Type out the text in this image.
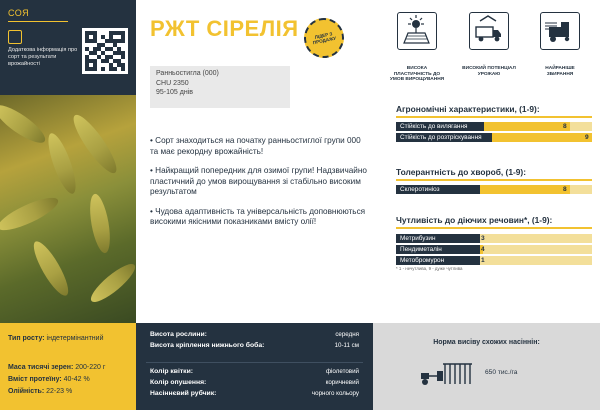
СОЯ
Додаткова інформація про сорт та результати врожайності
Тип росту: індетермінантний
Маса тисячі зерен: 200-220 г
Вміст протеїну: 40-42 %
Олійність: 22-23 %
РЖТ СІРЕЛІЯ	ЛІДЕР З ПРОДАЖУ
Ранньостигла (000)
CHU 2350
95-105 днів

• Сорт знаходиться на початку ранньостиглої групи 000 та має рекордну врожайність!

• Найкращий попередник для озимої групи! Надзвичайно пластичний до умов вирощування зі стабільно високим результатом

• Чудова адаптивність та універсальність доповнюються високими якісними показниками вмісту олії!

ВИСОКА ПЛАСТИЧНІСТЬ ДО УМОВ ВИРОЩУВАННЯ
ВИСОКИЙ ПОТЕНЦІАЛ УРОЖАЮ
НАЙРАНІШЕ ЗБИРАННЯ
Агрономічні характеристики, (1-9):
Стійкість до вилягання	8
Стійкість до розтріскування	9
Толерантність до хвороб, (1-9):
Склеротиніоз	8
Чутливість до діючих речовин*, (1-9):
Метрибузин	3
Пендиметалін	4
Метобромурон	1
* 1 - нечутлива, 9 - дуже чутлива
Висота рослини:	середня
Висота кріплення нижнього боба:	10-11 см
Колір квітки:	фіолетовий
Колір опушення:	коричневий
Насіннєвий рубчик:	чорного кольору
Норма висіву схожих насіннін:
650 тис./га
